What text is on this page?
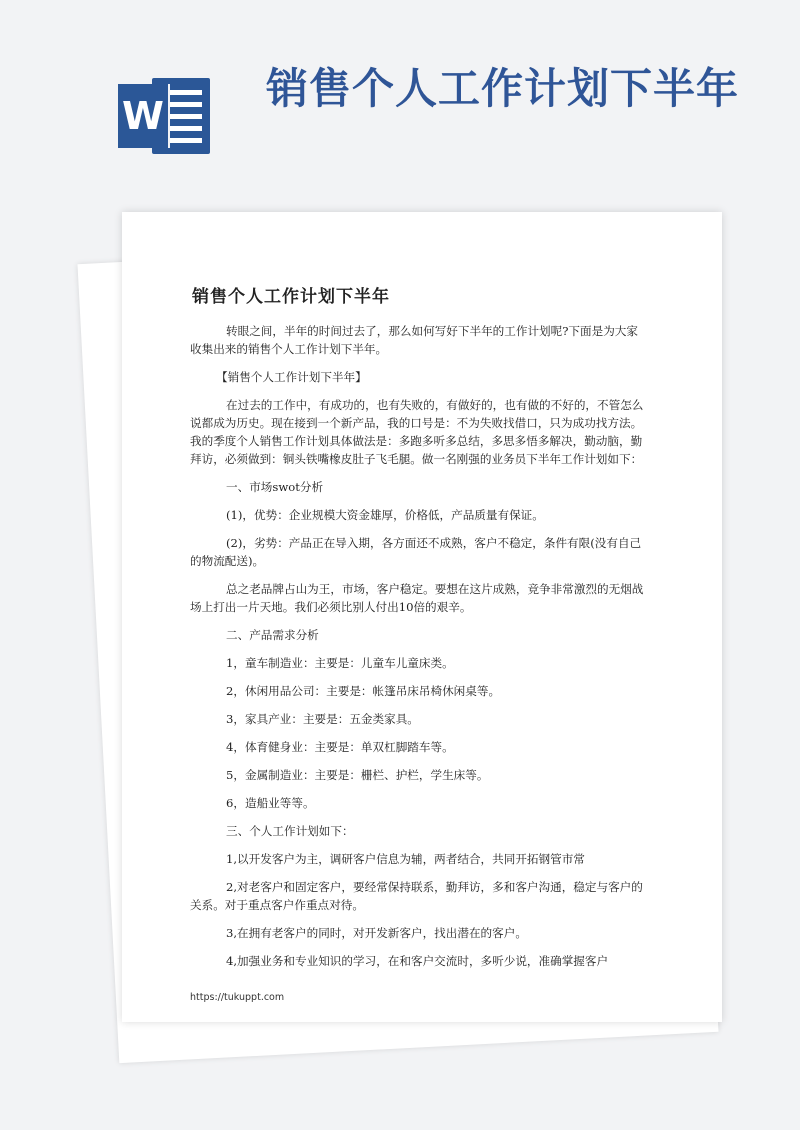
W
销售个人工作计划下半年
销售个人工作计划下半年

转眼之间，半年的时间过去了，那么如何写好下半年的工作计划呢?下面是为大家收集出来的销售个人工作计划下半年。

【销售个人工作计划下半年】

在过去的工作中，有成功的，也有失败的，有做好的，也有做的不好的，不管怎么说都成为历史。现在接到一个新产品，我的口号是：不为失败找借口，只为成功找方法。我的季度个人销售工作计划具体做法是：多跑多听多总结，多思多悟多解决，勤动脑，勤拜访，必须做到：铜头铁嘴橡皮肚子飞毛腿。做一名刚强的业务员下半年工作计划如下：

一、市场swot分析

(1)，优势：企业规模大资金雄厚，价格低，产品质量有保证。

(2)，劣势：产品正在导入期，各方面还不成熟，客户不稳定，条件有限(没有自己的物流配送)。

总之老品牌占山为王，市场，客户稳定。要想在这片成熟，竞争非常激烈的无烟战场上打出一片天地。我们必须比别人付出10倍的艰辛。

二、产品需求分析

1，童车制造业：主要是：儿童车儿童床类。

2，休闲用品公司：主要是：帐篷吊床吊椅休闲桌等。

3，家具产业：主要是：五金类家具。

4，体育健身业：主要是：单双杠脚踏车等。

5，金属制造业：主要是：栅栏、护栏，学生床等。

6，造船业等等。

三、个人工作计划如下：

1,以开发客户为主，调研客户信息为辅，两者结合，共同开拓钢管市常

2,对老客户和固定客户，要经常保持联系，勤拜访，多和客户沟通，稳定与客户的关系。对于重点客户作重点对待。

3,在拥有老客户的同时，对开发新客户，找出潜在的客户。

4,加强业务和专业知识的学习，在和客户交流时，多听少说，准确掌握客户

https://tukuppt.com
